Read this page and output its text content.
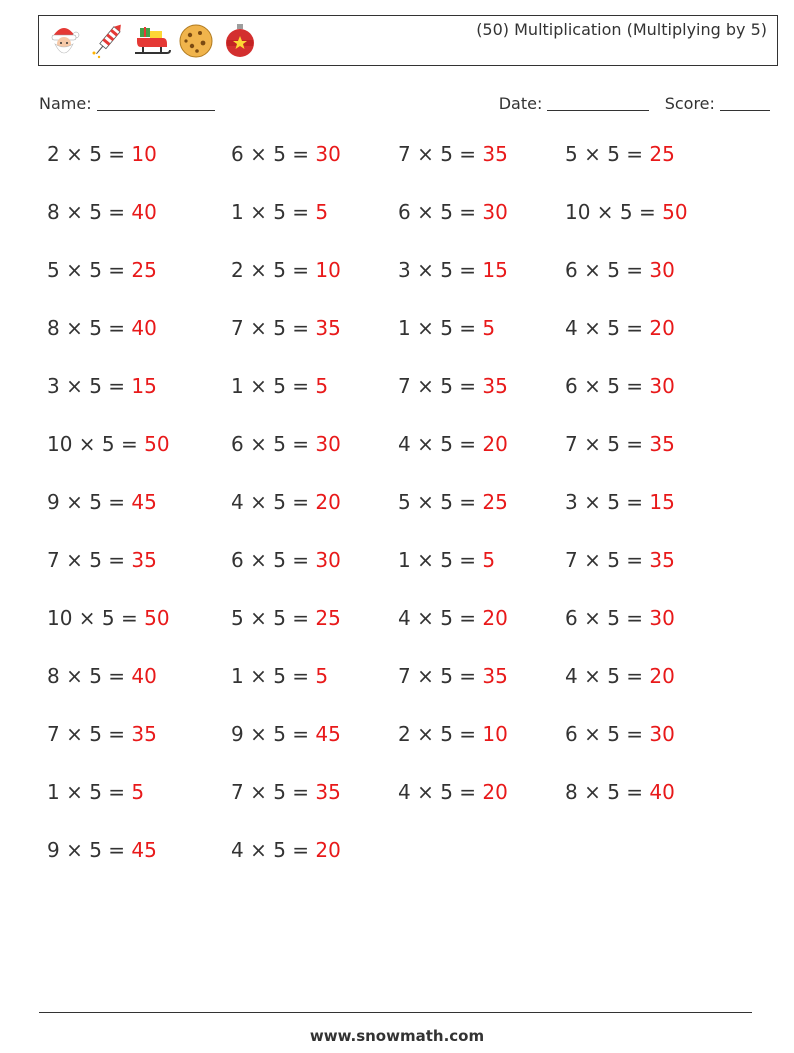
(50) Multiplication (Multiplying by 5)
Name:	Date:	Score:
2 × 5 = 10	6 × 5 = 30	7 × 5 = 35	5 × 5 = 25
8 × 5 = 40	1 × 5 = 5	6 × 5 = 30	10 × 5 = 50
5 × 5 = 25	2 × 5 = 10	3 × 5 = 15	6 × 5 = 30
8 × 5 = 40	7 × 5 = 35	1 × 5 = 5	4 × 5 = 20
3 × 5 = 15	1 × 5 = 5	7 × 5 = 35	6 × 5 = 30
10 × 5 = 50	6 × 5 = 30	4 × 5 = 20	7 × 5 = 35
9 × 5 = 45	4 × 5 = 20	5 × 5 = 25	3 × 5 = 15
7 × 5 = 35	6 × 5 = 30	1 × 5 = 5	7 × 5 = 35
10 × 5 = 50	5 × 5 = 25	4 × 5 = 20	6 × 5 = 30
8 × 5 = 40	1 × 5 = 5	7 × 5 = 35	4 × 5 = 20
7 × 5 = 35	9 × 5 = 45	2 × 5 = 10	6 × 5 = 30
1 × 5 = 5	7 × 5 = 35	4 × 5 = 20	8 × 5 = 40
9 × 5 = 45	4 × 5 = 20
www.snowmath.com
